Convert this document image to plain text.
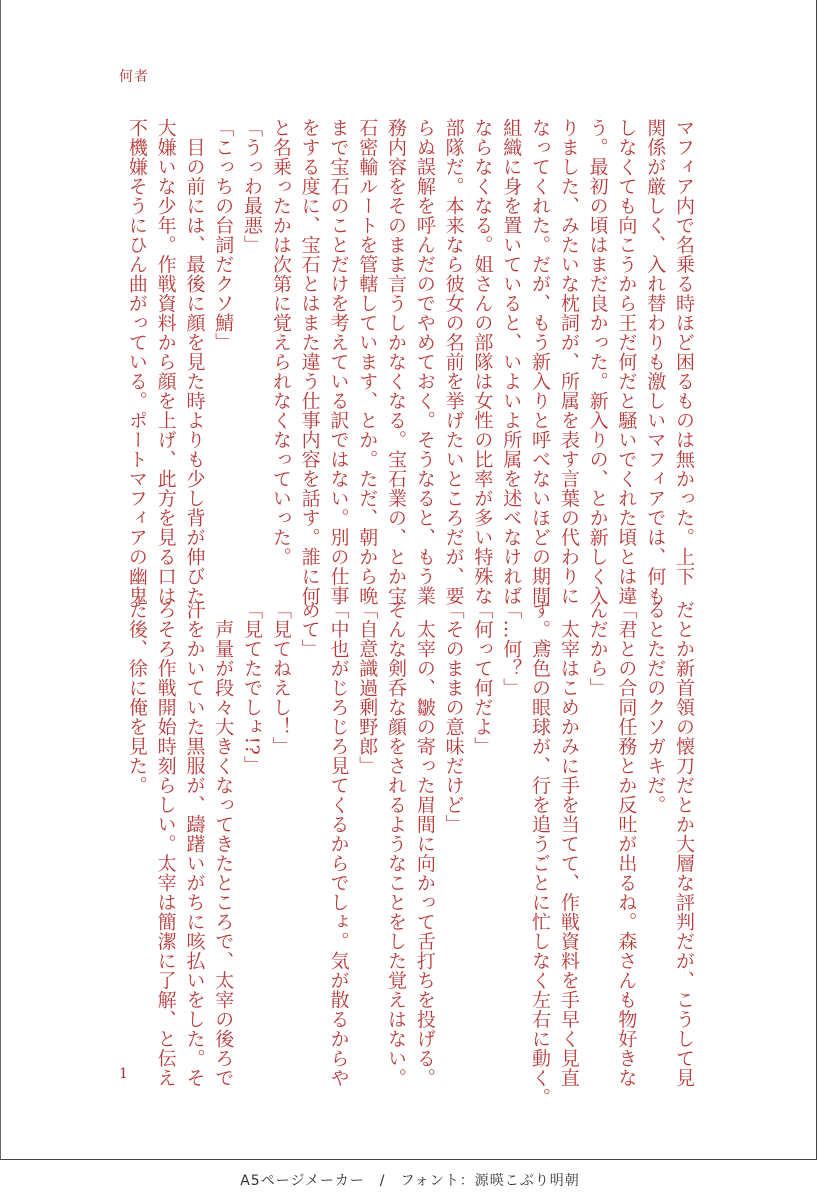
何者

マフィア内で名乗る時ほど困るものは無かった。上下

関係が厳しく、入れ替わりも激しいマフィアでは、何も

しなくても向こうから王だ何だと騒いでくれた頃とは違

う。最初の頃はまだ良かった。新入りの、とか新しく入

りました、みたいな枕詞が、所属を表す言葉の代わりに

なってくれた。だが、もう新入りと呼べないほどの期間

組織に身を置いていると、いよいよ所属を述べなければ

ならなくなる。姐さんの部隊は女性の比率が多い特殊な

部隊だ。本来なら彼女の名前を挙げたいところだが、要

らぬ誤解を呼んだのでやめておく。そうなると、もう業

務内容をそのまま言うしかなくなる。宝石業の、とか宝

石密輸ルートを管轄しています、とか。ただ、朝から晩

まで宝石のことだけを考えている訳ではない。別の仕事

をする度に、宝石とはまた違う仕事内容を話す。誰に何

と名乗ったかは次第に覚えられなくなっていった。

「うっわ最悪」

「こっちの台詞だクソ鯖」

　目の前には、最後に顔を見た時よりも少し背が伸びた

大嫌いな少年。作戦資料から顔を上げ、此方を見る口は

不機嫌そうにひん曲がっている。ポートマフィアの幽鬼

だとか新首領の懐刀だとか大層な評判だが、こうして見

るとただのクソガキだ。

「君との合同任務とか反吐が出るね。森さんも物好きな

んだから」

　太宰はこめかみに手を当てて、作戦資料を手早く見直

す。鳶色の眼球が、行を追うごとに忙しなく左右に動く。

「…何？」

「何って何だよ」

「そのままの意味だけど」

　太宰の、皺の寄った眉間に向かって舌打ちを投げる。

そんな剣呑な顔をされるようなことをした覚えはない。

「自意識過剰野郎」

「中也がじろじろ見てくるからでしょ。気が散るからや

めて」

「見てねえし！」

「見てたでしょ!?」

　声量が段々大きくなってきたところで、太宰の後ろで

汗をかいていた黒服が、躊躇いがちに咳払いをした。そ

ろそろ作戦開始時刻らしい。太宰は簡潔に了解、と伝え

た後、徐に俺を見た。

1
A5ページメーカー　/　フォント：源暎こぶり明朝
